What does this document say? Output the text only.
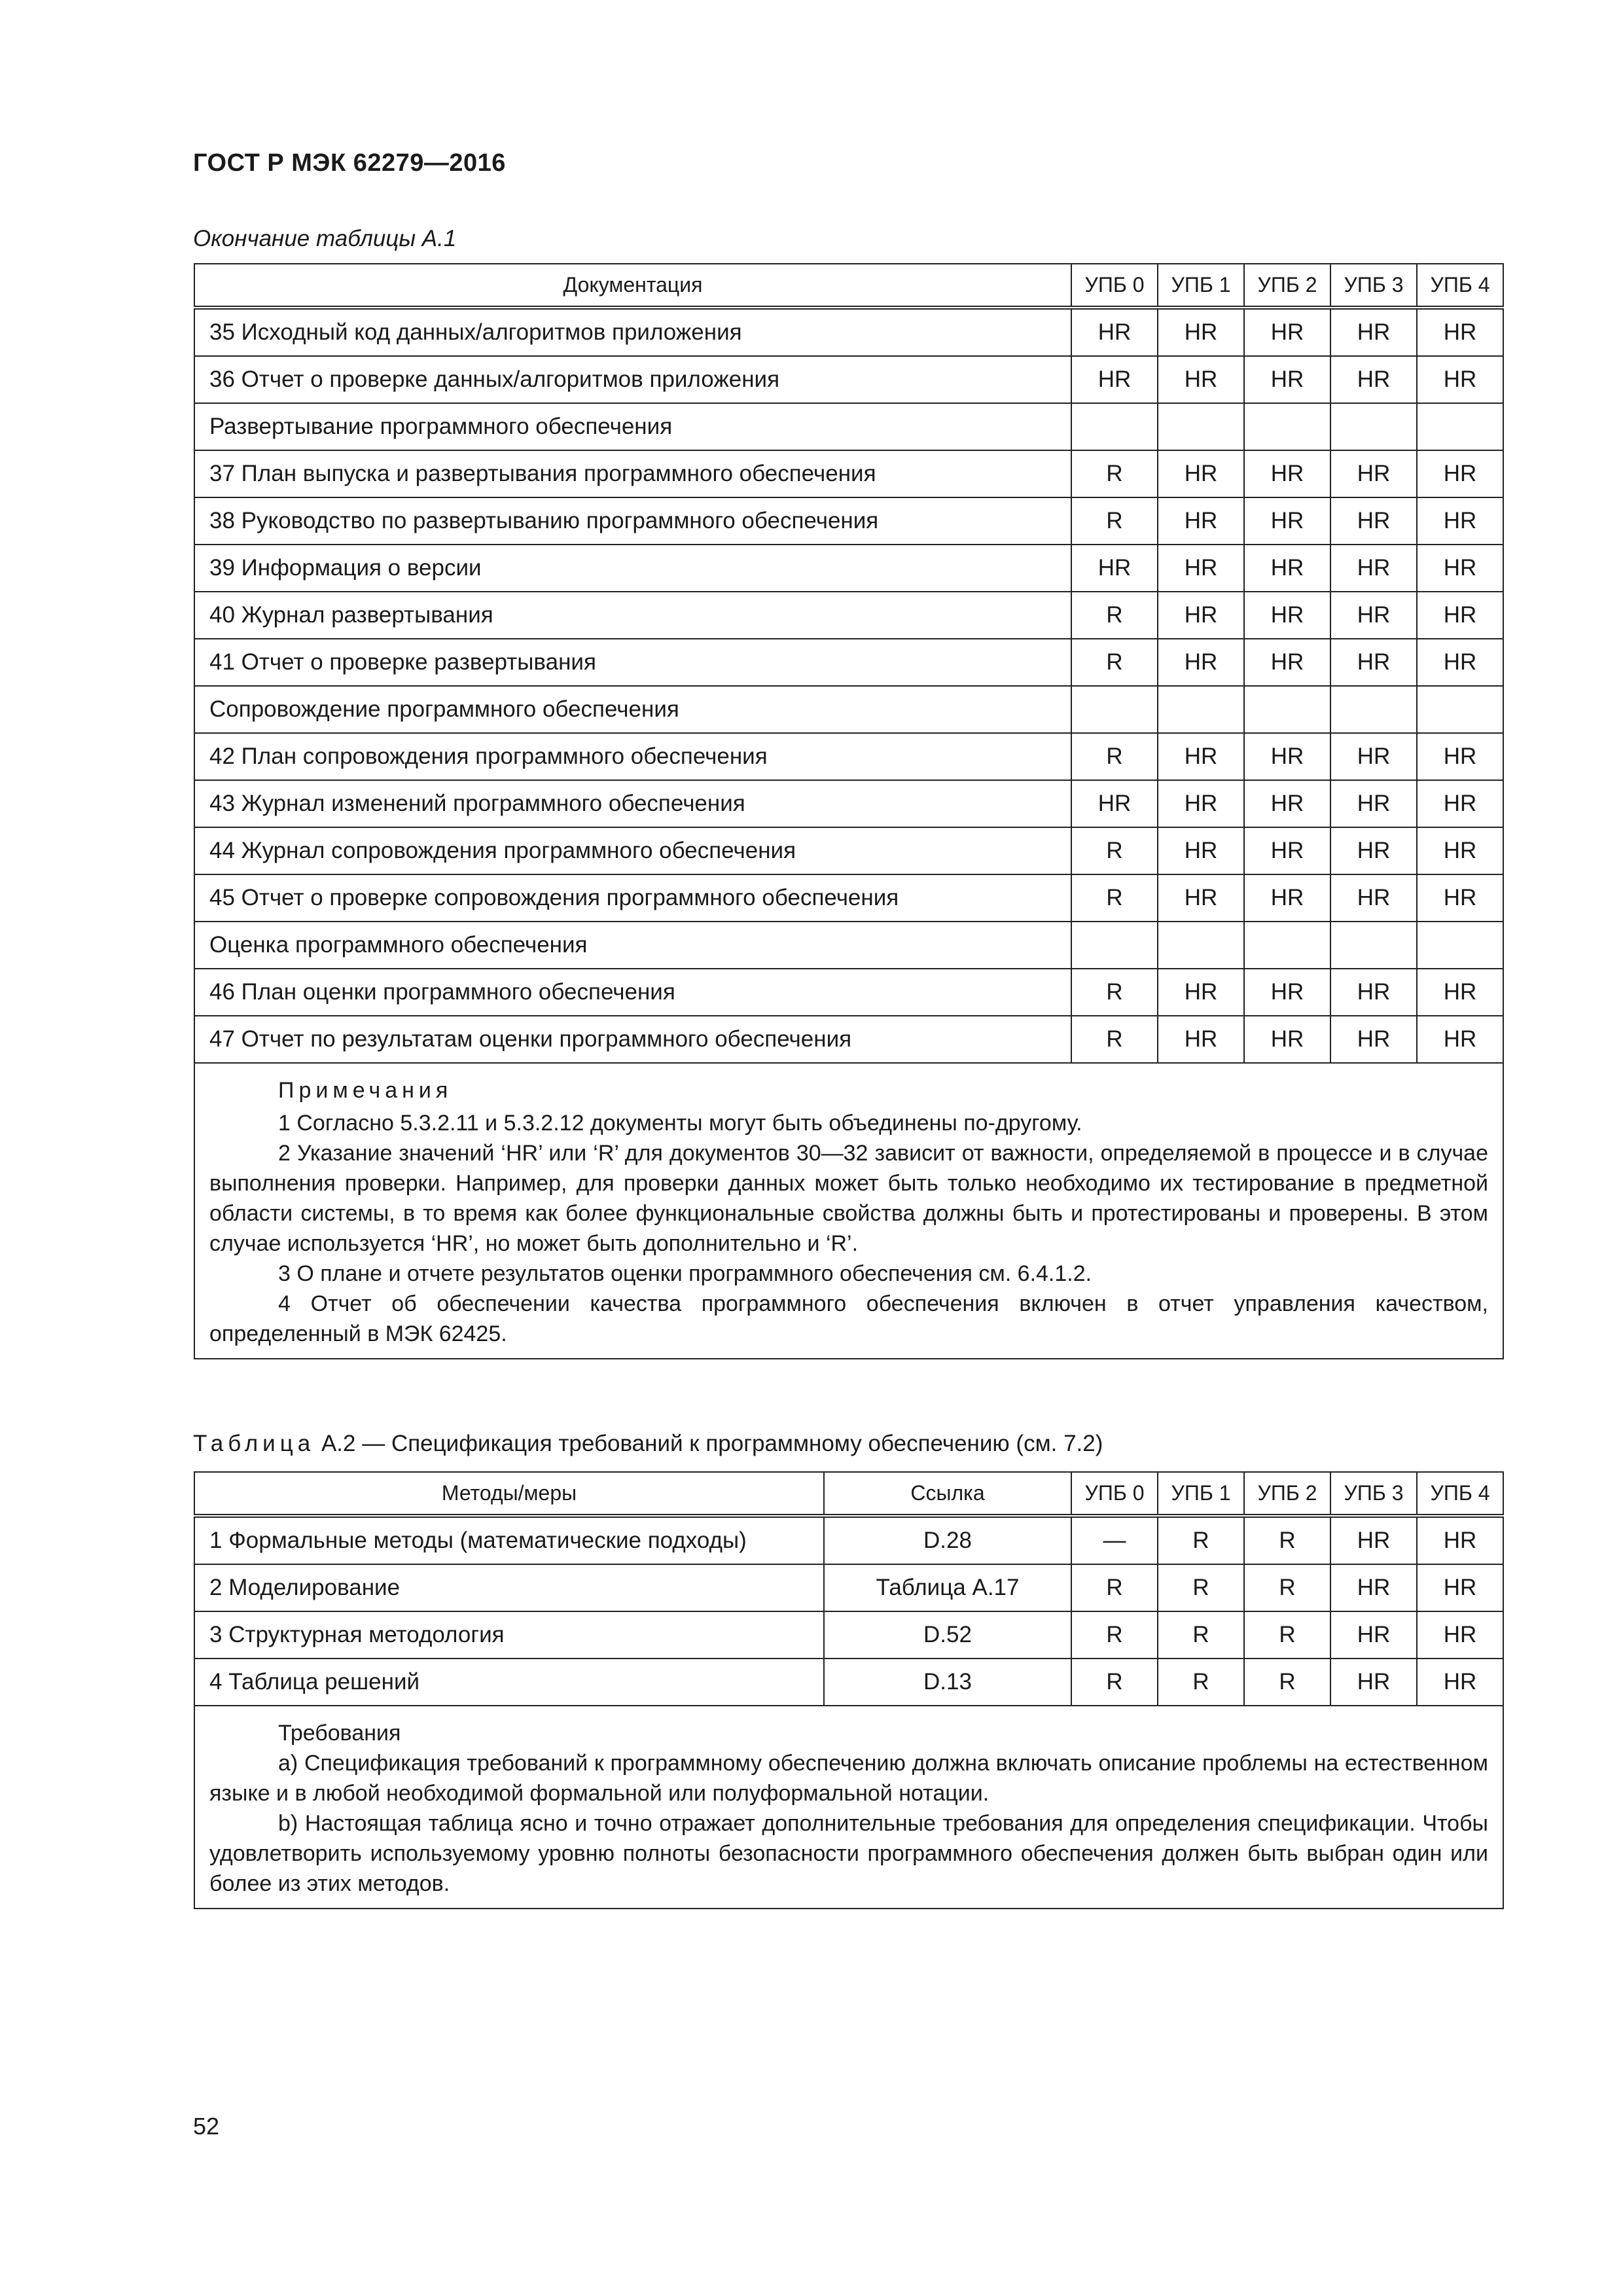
ГОСТ Р МЭК 62279—2016
Окончание таблицы А.1
Документация	УПБ 0	УПБ 1	УПБ 2	УПБ 3	УПБ 4
35 Исходный код данных/алгоритмов приложения	HR	HR	HR	HR	HR
36 Отчет о проверке данных/алгоритмов приложения	HR	HR	HR	HR	HR
Развертывание программного обеспечения					
37 План выпуска и развертывания программного обеспечения	R	HR	HR	HR	HR
38 Руководство по развертыванию программного обеспечения	R	HR	HR	HR	HR
39 Информация о версии	HR	HR	HR	HR	HR
40 Журнал развертывания	R	HR	HR	HR	HR
41 Отчет о проверке развертывания	R	HR	HR	HR	HR
Сопровождение программного обеспечения					
42 План сопровождения программного обеспечения	R	HR	HR	HR	HR
43 Журнал изменений программного обеспечения	HR	HR	HR	HR	HR
44 Журнал сопровождения программного обеспечения	R	HR	HR	HR	HR
45 Отчет о проверке сопровождения программного обеспечения	R	HR	HR	HR	HR
Оценка программного обеспечения					
46 План оценки программного обеспечения	R	HR	HR	HR	HR
47 Отчет по результатам оценки программного обеспечения	R	HR	HR	HR	HR

Примечания

1 Согласно 5.3.2.11 и 5.3.2.12 документы могут быть объединены по-другому.

2 Указание значений ‘HR’ или ‘R’ для документов 30—32 зависит от важности, определяемой в процессе и в случае выполнения проверки. Например, для проверки данных может быть только необходимо их тестирование в предметной области системы, в то время как более функциональные свойства должны быть и протестированы и проверены. В этом случае используется ‘HR’, но может быть дополнительно и ‘R’.

3 О плане и отчете результатов оценки программного обеспечения см. 6.4.1.2.

4 Отчет об обеспечении качества программного обеспечения включен в отчет управления качеством, определенный в МЭК 62425.					

Таблица А.2 — Спецификация требований к программному обеспечению (см. 7.2)
Методы/меры	Ссылка	УПБ 0	УПБ 1	УПБ 2	УПБ 3	УПБ 4
1 Формальные методы (математические подходы)	D.28	—	R	R	HR	HR
2 Моделирование	Таблица А.17	R	R	R	HR	HR
3 Структурная методология	D.52	R	R	R	HR	HR
4 Таблица решений	D.13	R	R	R	HR	HR

Требования

a) Спецификация требований к программному обеспечению должна включать описание проблемы на естественном языке и в любой необходимой формальной или полуформальной нотации.

b) Настоящая таблица ясно и точно отражает дополнительные требования для определения спецификации. Чтобы удовлетворить используемому уровню полноты безопасности программного обеспечения должен быть выбран один или более из этих методов.						

52
